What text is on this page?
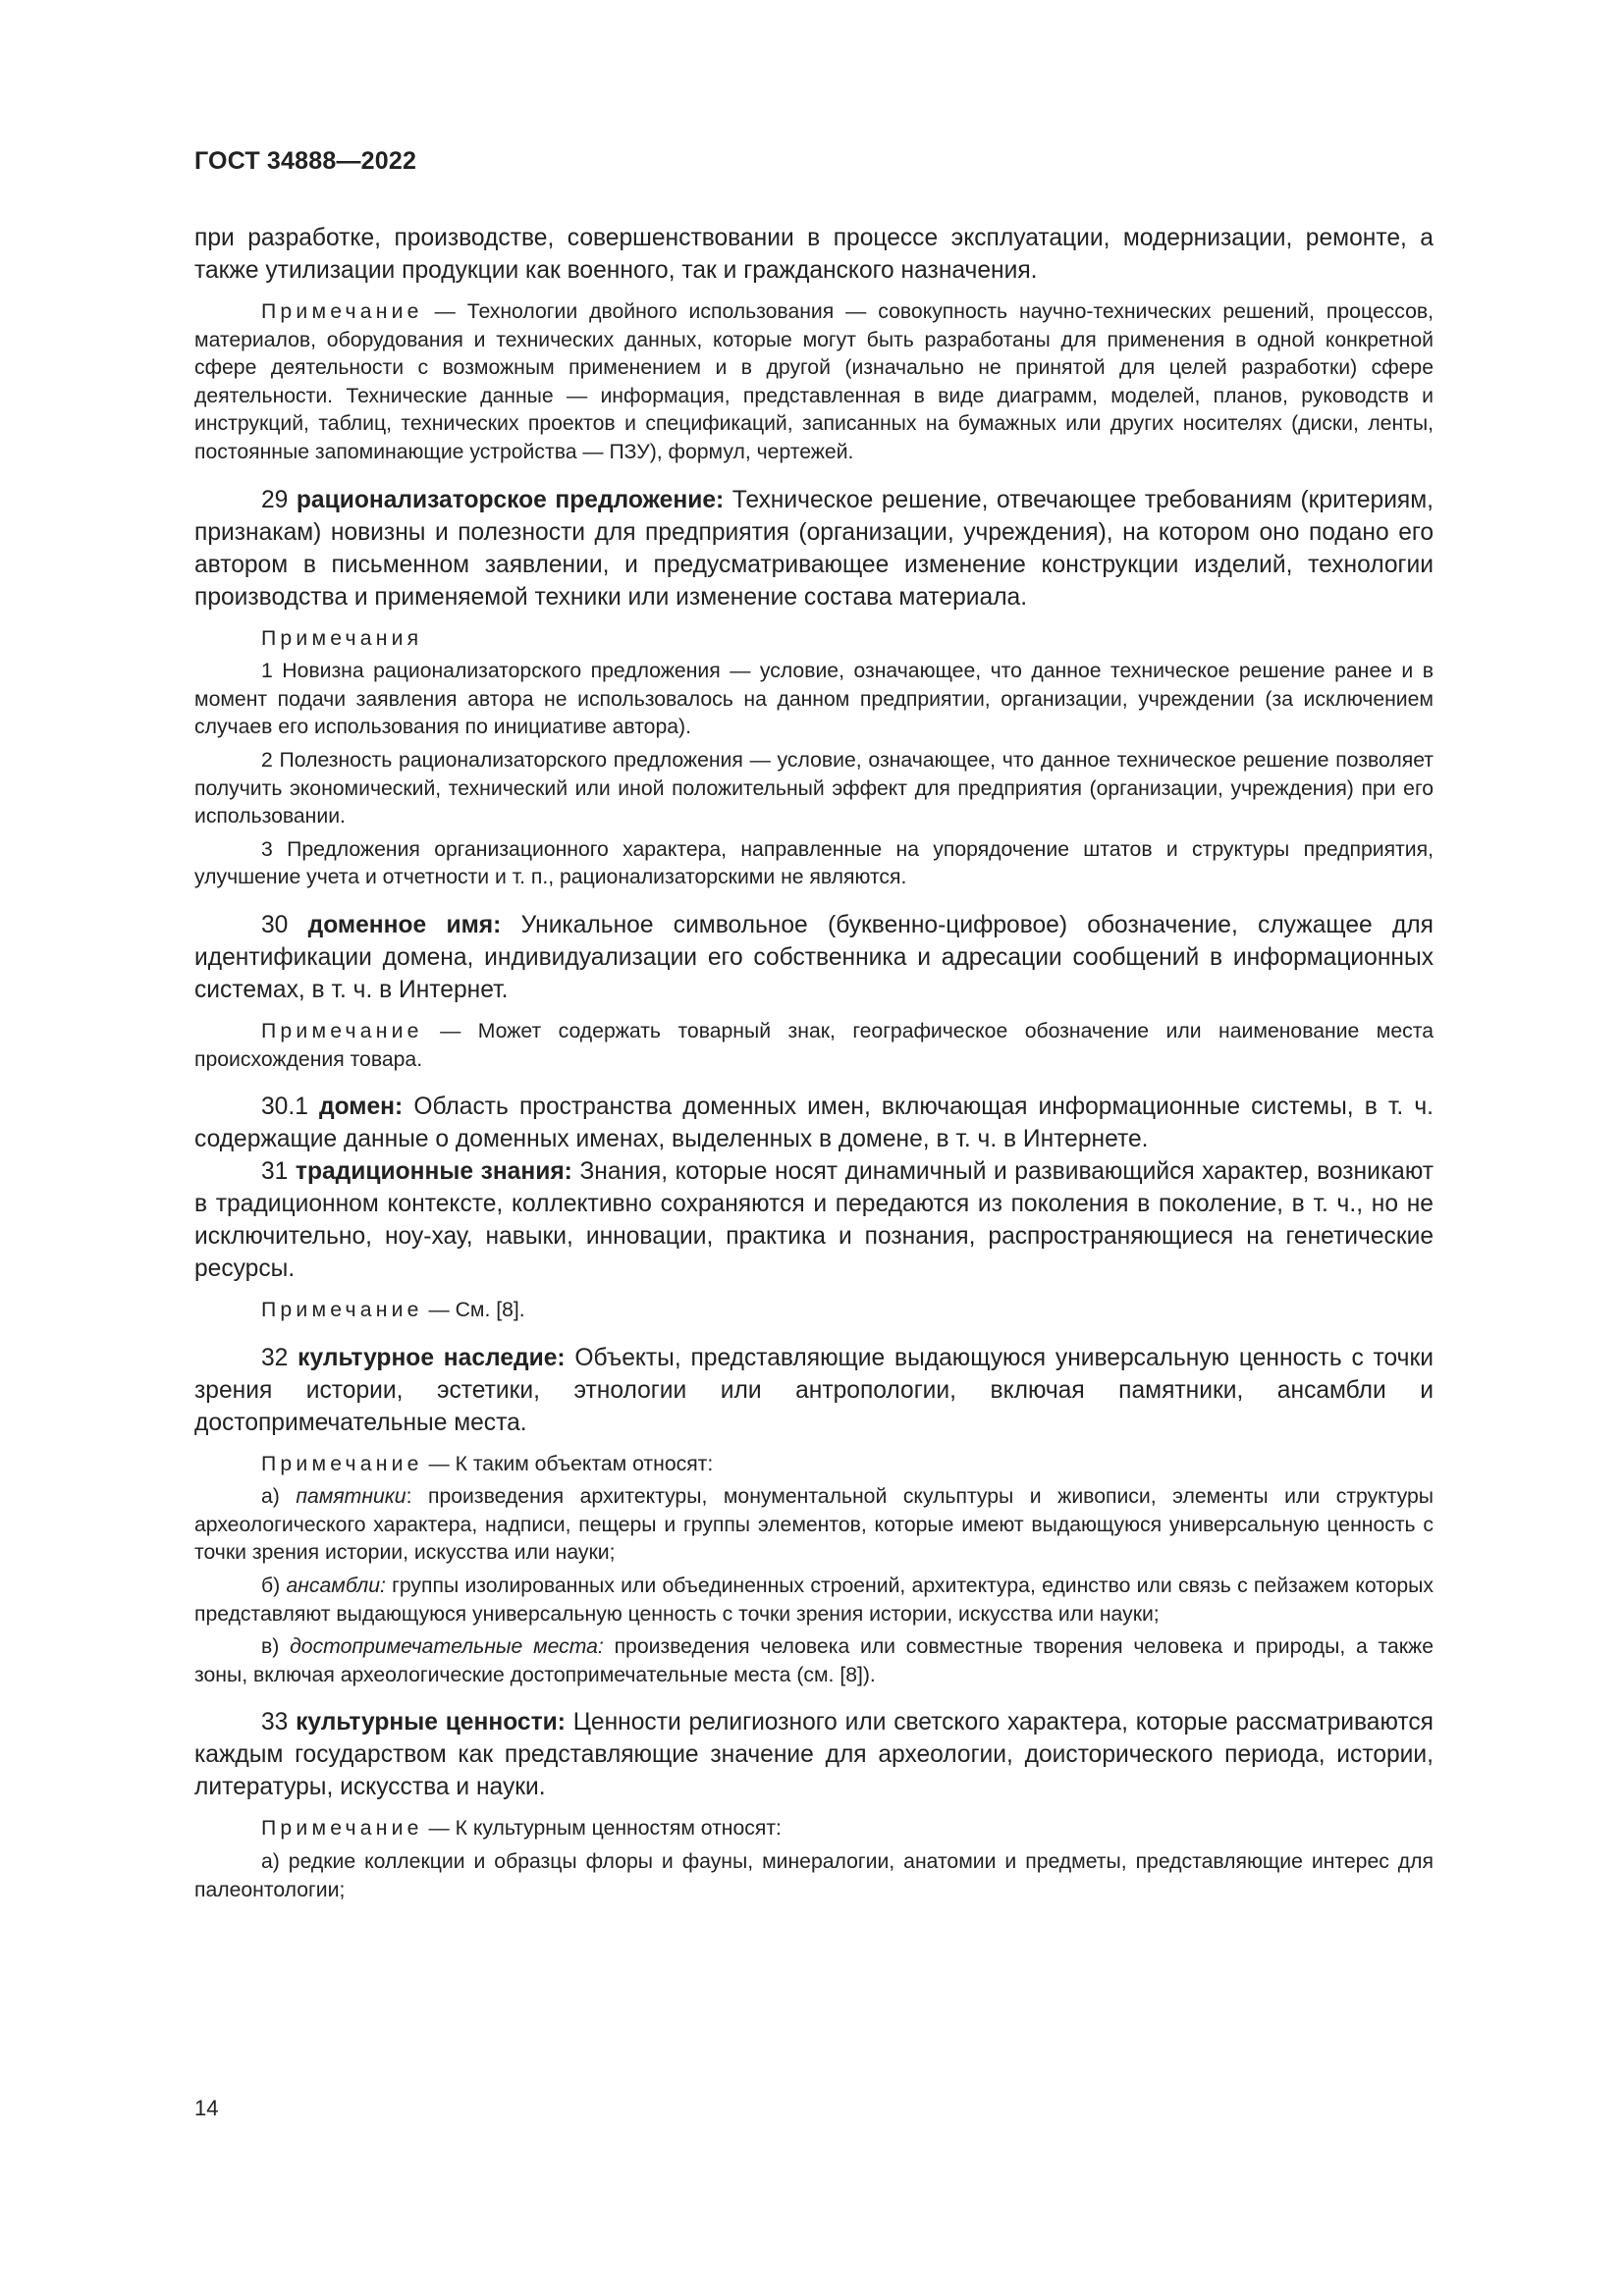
ГОСТ 34888—2022

при разработке, производстве, совершенствовании в процессе эксплуатации, модернизации, ремонте, а также утилизации продукции как военного, так и гражданского назначения.

Примечание — Технологии двойного использования — совокупность научно-технических решений, процессов, материалов, оборудования и технических данных, которые могут быть разработаны для применения в одной конкретной сфере деятельности с возможным применением и в другой (изначально не принятой для целей разработки) сфере деятельности. Технические данные — информация, представленная в виде диаграмм, моделей, планов, руководств и инструкций, таблиц, технических проектов и спецификаций, записанных на бумажных или других носителях (диски, ленты, постоянные запоминающие устройства — ПЗУ), формул, чертежей.

29 рационализаторское предложение: Техническое решение, отвечающее требованиям (критериям, признакам) новизны и полезности для предприятия (организации, учреждения), на котором оно подано его автором в письменном заявлении, и предусматривающее изменение конструкции изделий, технологии производства и применяемой техники или изменение состава материала.

Примечания

1 Новизна рационализаторского предложения — условие, означающее, что данное техническое решение ранее и в момент подачи заявления автора не использовалось на данном предприятии, организации, учреждении (за исключением случаев его использования по инициативе автора).

2 Полезность рационализаторского предложения — условие, означающее, что данное техническое решение позволяет получить экономический, технический или иной положительный эффект для предприятия (организации, учреждения) при его использовании.

3 Предложения организационного характера, направленные на упорядочение штатов и структуры предприятия, улучшение учета и отчетности и т. п., рационализаторскими не являются.

30 доменное имя: Уникальное символьное (буквенно-цифровое) обозначение, служащее для идентификации домена, индивидуализации его собственника и адресации сообщений в информационных системах, в т. ч. в Интернет.

Примечание — Может содержать товарный знак, географическое обозначение или наименование места происхождения товара.

30.1 домен: Область пространства доменных имен, включающая информационные системы, в т. ч. содержащие данные о доменных именах, выделенных в домене, в т. ч. в Интернете.

31 традиционные знания: Знания, которые носят динамичный и развивающийся характер, возникают в традиционном контексте, коллективно сохраняются и передаются из поколения в поколение, в т. ч., но не исключительно, ноу-хау, навыки, инновации, практика и познания, распространяющиеся на генетические ресурсы.

Примечание — См. [8].

32 культурное наследие: Объекты, представляющие выдающуюся универсальную ценность с точки зрения истории, эстетики, этнологии или антропологии, включая памятники, ансамбли и достопримечательные места.

Примечание — К таким объектам относят:

а) памятники: произведения архитектуры, монументальной скульптуры и живописи, элементы или структуры археологического характера, надписи, пещеры и группы элементов, которые имеют выдающуюся универсальную ценность с точки зрения истории, искусства или науки;

б) ансамбли: группы изолированных или объединенных строений, архитектура, единство или связь с пейзажем которых представляют выдающуюся универсальную ценность с точки зрения истории, искусства или науки;

в) достопримечательные места: произведения человека или совместные творения человека и природы, а также зоны, включая археологические достопримечательные места (см. [8]).

33 культурные ценности: Ценности религиозного или светского характера, которые рассматриваются каждым государством как представляющие значение для археологии, доисторического периода, истории, литературы, искусства и науки.

Примечание — К культурным ценностям относят:

а) редкие коллекции и образцы флоры и фауны, минералогии, анатомии и предметы, представляющие интерес для палеонтологии;

14
